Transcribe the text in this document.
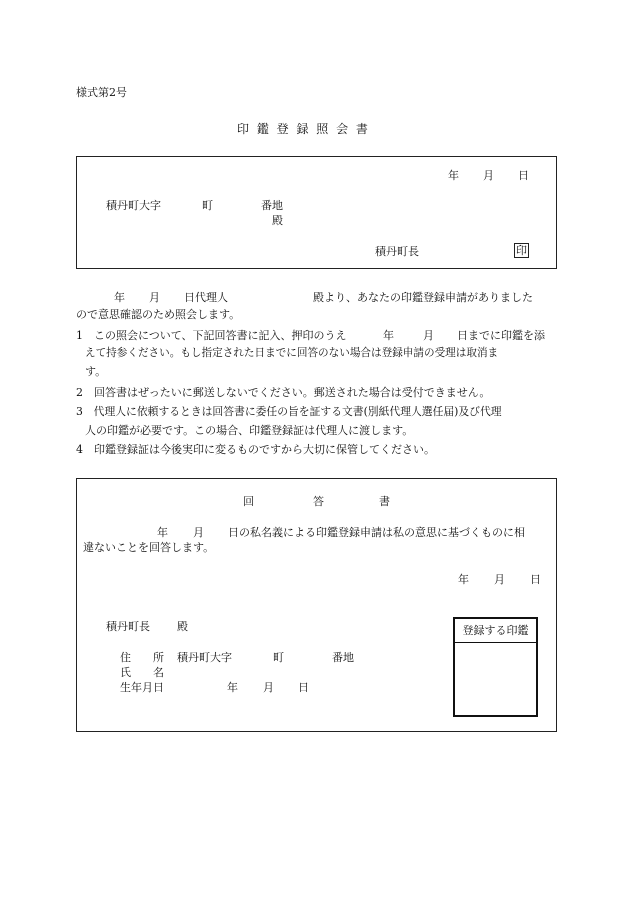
様式第2号
印 鑑 登 録 照 会 書
年 月 日
積丹町大字	町	番地
殿
積丹町長	印
年 月 日代理人	殿より、あなたの印鑑登録申請がありました
ので意思確認のため照会します。
1　この照会について、下記回答書に記入、押印のうえ	年	月 日までに印鑑を添
えて持参ください。もし指定された日までに回答のない場合は登録申請の受理は取消ま
す。
2　回答書はぜったいに郵送しないでください。郵送された場合は受付できません。
3　代理人に依頼するときは回答書に委任の旨を証する文書(別紙代理人選任届)及び代理
人の印鑑が必要です。この場合、印鑑登録証は代理人に渡します。
4　印鑑登録証は今後実印に変るものですから大切に保管してください。
回	答	書
年 月 日の私名義による印鑑登録申請は私の意思に基づくものに相
違ないことを回答します。
年 月 日
積丹町長 殿
住　　所 積丹町大字	町	番地
氏　　名
生年月日	年 月 日
登録する印鑑
